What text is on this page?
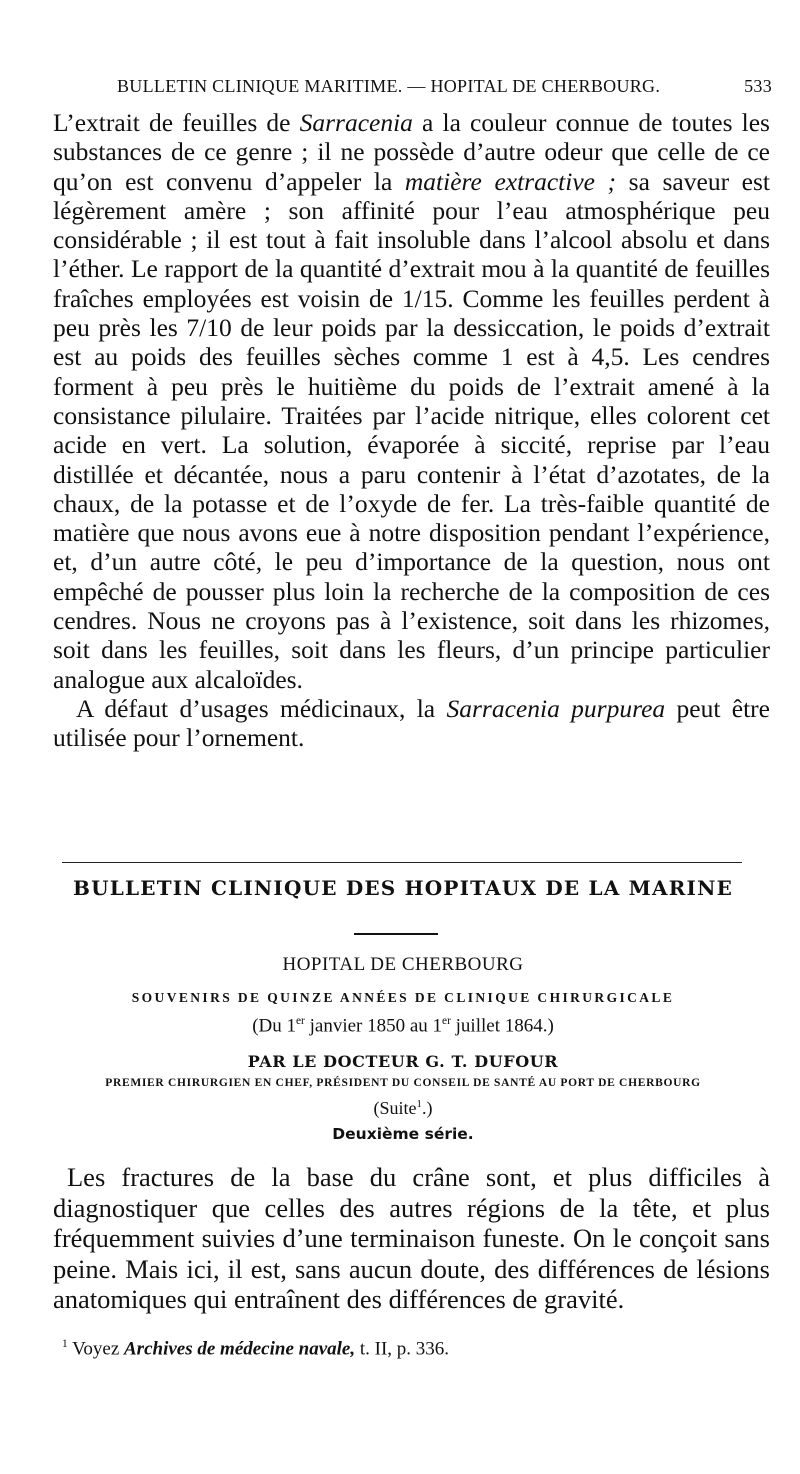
BULLETIN CLINIQUE MARITIME. — HOPITAL DE CHERBOURG.	533
L’extrait de feuilles de Sarracenia a la couleur connue de toutes les substances de ce genre ; il ne possède d’autre odeur que celle de ce qu’on est convenu d’appeler la matière extractive ; sa saveur est légèrement amère ; son affinité pour l’eau atmosphérique peu considérable ; il est tout à fait insoluble dans l’alcool absolu et dans l’éther. Le rapport de la quantité d’extrait mou à la quantité de feuilles fraîches employées est voisin de 1/15. Comme les feuilles perdent à peu près les 7/10 de leur poids par la dessiccation, le poids d’extrait est au poids des feuilles sèches comme 1 est à 4,5. Les cendres forment à peu près le huitième du poids de l’extrait amené à la consistance pilulaire. Traitées par l’acide nitrique, elles colorent cet acide en vert. La solution, évaporée à siccité, reprise par l’eau distillée et décantée, nous a paru contenir à l’état d’azotates, de la chaux, de la potasse et de l’oxyde de fer. La très-faible quantité de matière que nous avons eue à notre disposition pendant l’expérience, et, d’un autre côté, le peu d’importance de la question, nous ont empêché de pousser plus loin la recherche de la composition de ces cendres. Nous ne croyons pas à l’existence, soit dans les rhizomes, soit dans les feuilles, soit dans les fleurs, d’un principe particulier analogue aux alcaloïdes.
A défaut d’usages médicinaux, la Sarracenia purpurea peut être utilisée pour l’ornement.
BULLETIN CLINIQUE DES HOPITAUX DE LA MARINE
HOPITAL DE CHERBOURG
SOUVENIRS DE QUINZE ANNÉES DE CLINIQUE CHIRURGICALE
(Du 1er janvier 1850 au 1er juillet 1864.)
PAR LE DOCTEUR G. T. DUFOUR
PREMIER CHIRURGIEN EN CHEF, PRÉSIDENT DU CONSEIL DE SANTÉ AU PORT DE CHERBOURG
(Suite$^1$.)
Deuxième série.

Les fractures de la base du crâne sont, et plus difficiles à diagnostiquer que celles des autres régions de la tête, et plus fréquemment suivies d’une terminaison funeste. On le conçoit sans peine. Mais ici, il est, sans aucun doute, des différences de lésions anatomiques qui entraînent des différences de gravité.

$^1$ Voyez Archives de médecine navale, t. II, p. 336.
